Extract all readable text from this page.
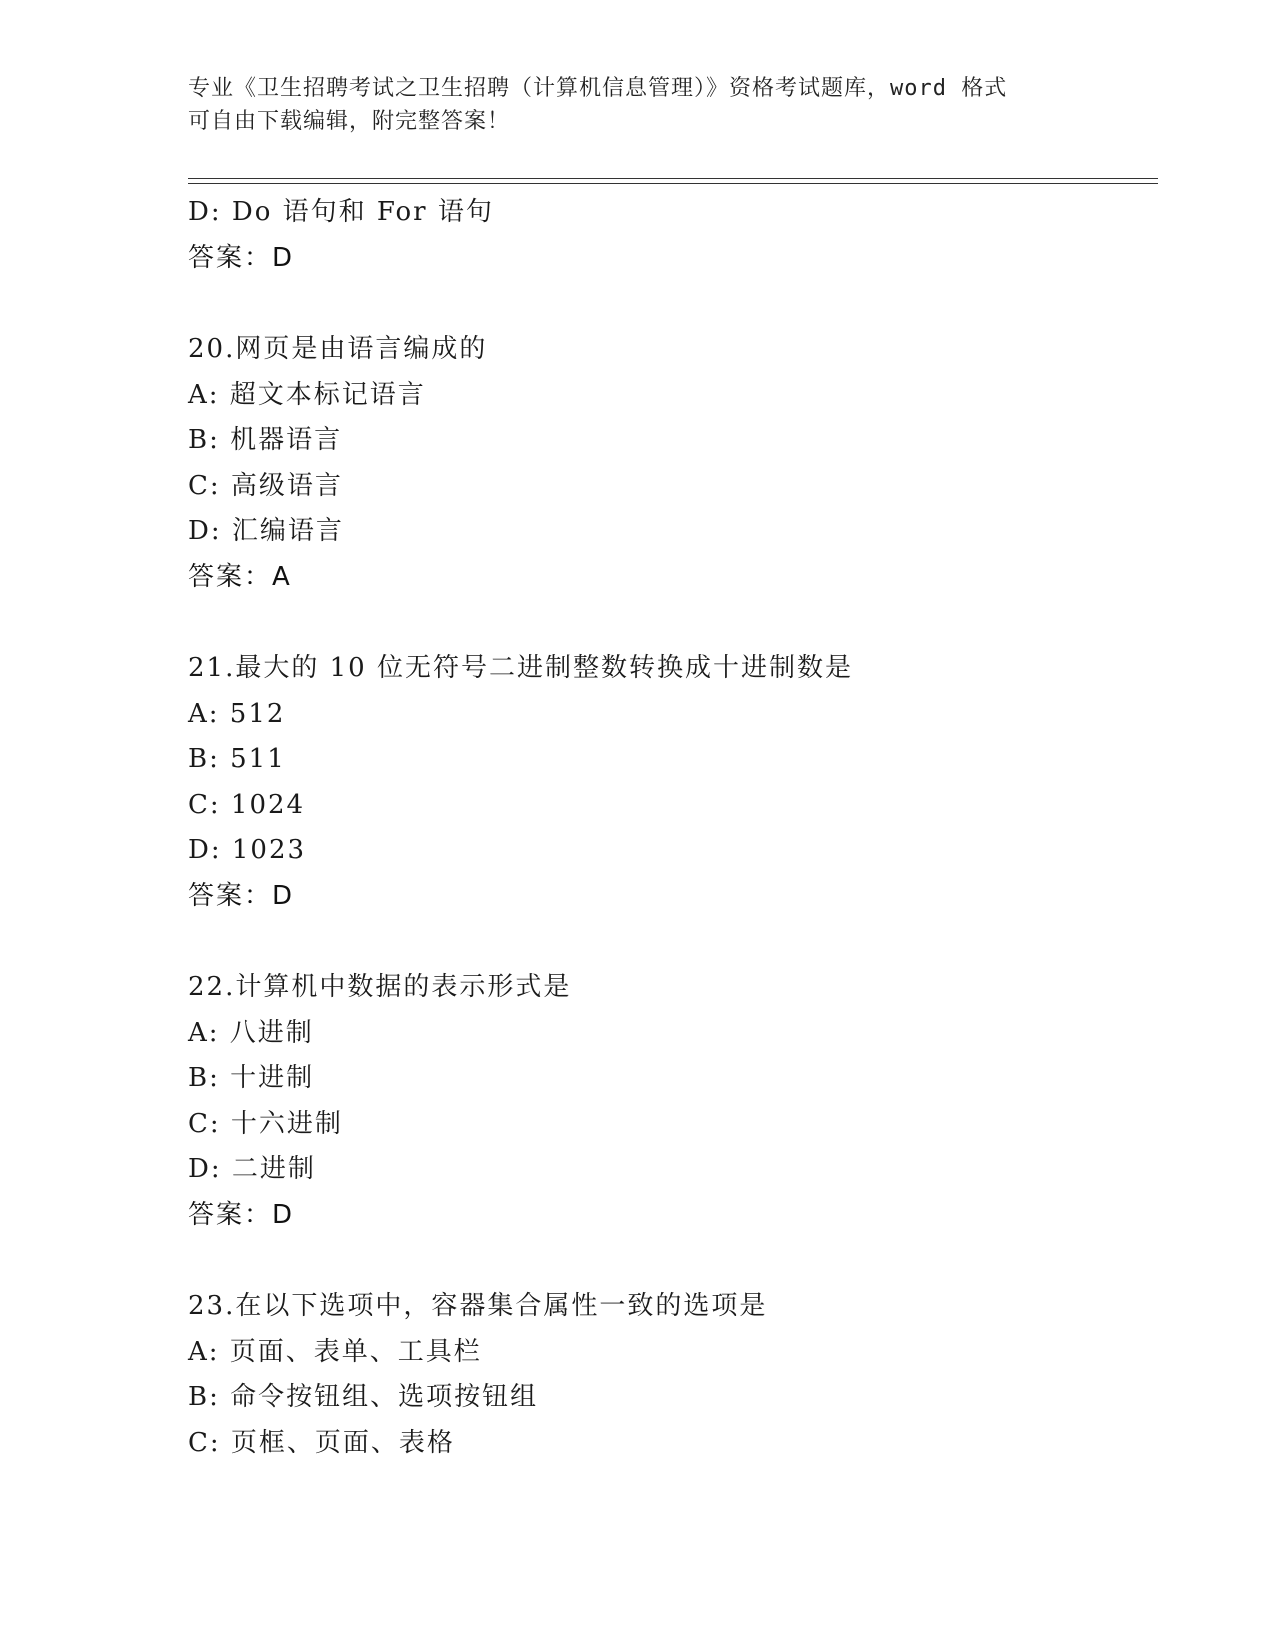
专业《卫生招聘考试之卫生招聘（计算机信息管理）》资格考试题库，word 格式
可自由下载编辑，附完整答案！
D: Do 语句和 For 语句
答案：D
20.网页是由语言编成的
A: 超文本标记语言
B: 机器语言
C: 高级语言
D: 汇编语言
答案：A
21.最大的 10 位无符号二进制整数转换成十进制数是
A: 512
B: 511
C: 1024
D: 1023
答案：D
22.计算机中数据的表示形式是
A: 八进制
B: 十进制
C: 十六进制
D: 二进制
答案：D
23.在以下选项中，容器集合属性一致的选项是
A: 页面、表单、工具栏
B: 命令按钮组、选项按钮组
C: 页框、页面、表格
